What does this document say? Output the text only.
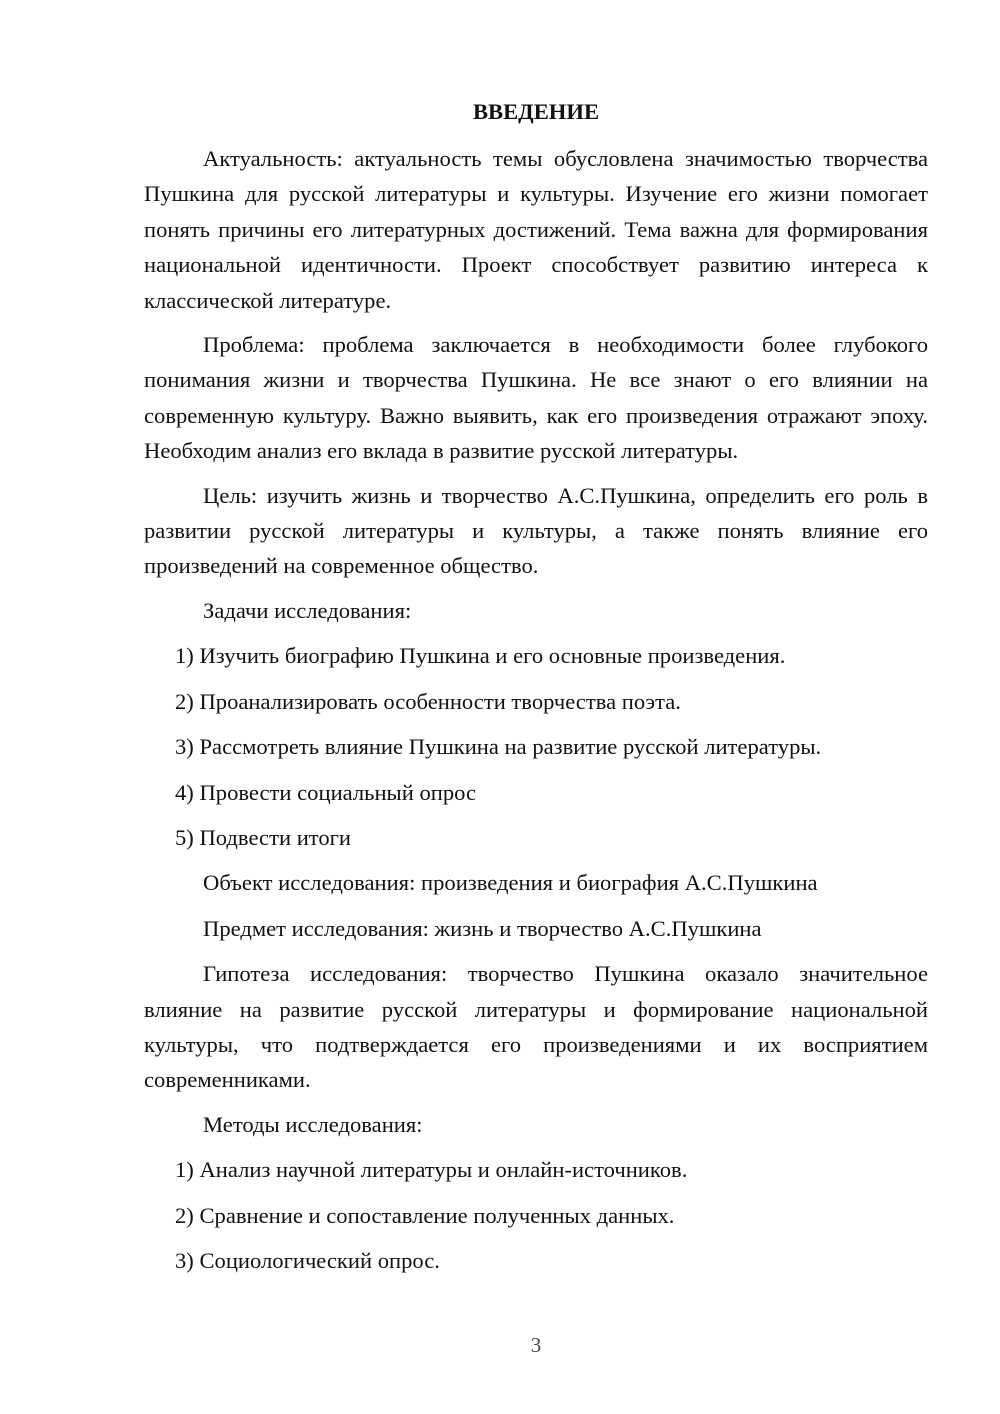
ВВЕДЕНИЕ

Актуальность: актуальность темы обусловлена значимостью творчества Пушкина для русской литературы и культуры. Изучение его жизни помогает понять причины его литературных достижений. Тема важна для формирования национальной идентичности. Проект способствует развитию интереса к классической литературе.

Проблема: проблема заключается в необходимости более глубокого понимания жизни и творчества Пушкина. Не все знают о его влиянии на современную культуру. Важно выявить, как его произведения отражают эпоху. Необходим анализ его вклада в развитие русской литературы.

Цель: изучить жизнь и творчество А.С.Пушкина, определить его роль в развитии русской литературы и культуры, а также понять влияние его произведений на современное общество.

Задачи исследования:

1) Изучить биографию Пушкина и его основные произведения.
2) Проанализировать особенности творчества поэта.
3) Рассмотреть влияние Пушкина на развитие русской литературы.
4) Провести социальный опрос
5) Подвести итоги

Объект исследования: произведения и биография А.С.Пушкина

Предмет исследования: жизнь и творчество А.С.Пушкина

Гипотеза исследования: творчество Пушкина оказало значительное влияние на развитие русской литературы и формирование национальной культуры, что подтверждается его произведениями и их восприятием современниками.

Методы исследования:

1) Анализ научной литературы и онлайн-источников.
2) Сравнение и сопоставление полученных данных.
3) Социологический опрос.
3
